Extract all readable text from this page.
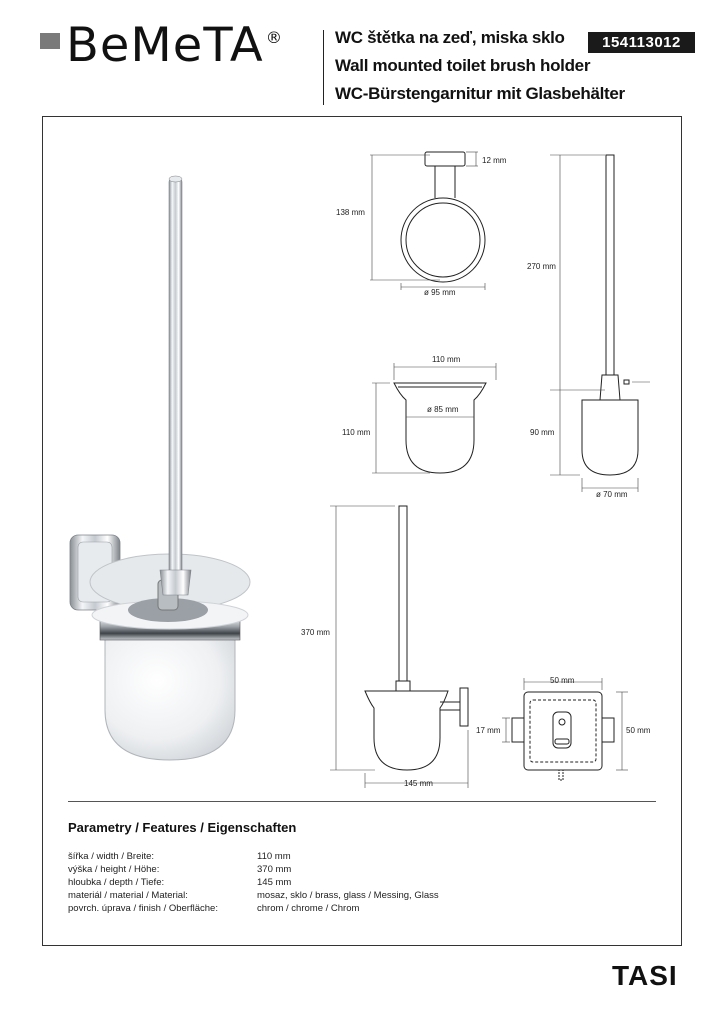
BeMeTA ®	WC štětka na zeď, miska sklo
Wall mounted toilet brush holder
WC-Bürstengarnitur mit Glasbehälter
154113012
138 mm
12 mm
ø 95 mm
270 mm
90 mm
ø 70 mm
110 mm
ø 85 mm
110 mm
370 mm
145 mm
50 mm
50 mm
17 mm
Parametry / Features / Eigenschaften
šířka / width / Breite:	110 mm
výška / height / Höhe:	370 mm
hloubka / depth / Tiefe:	145 mm
materiál / material / Material:	mosaz, sklo / brass, glass / Messing, Glass
povrch. úprava / finish / Oberfläche:	chrom / chrome / Chrom
TASI
